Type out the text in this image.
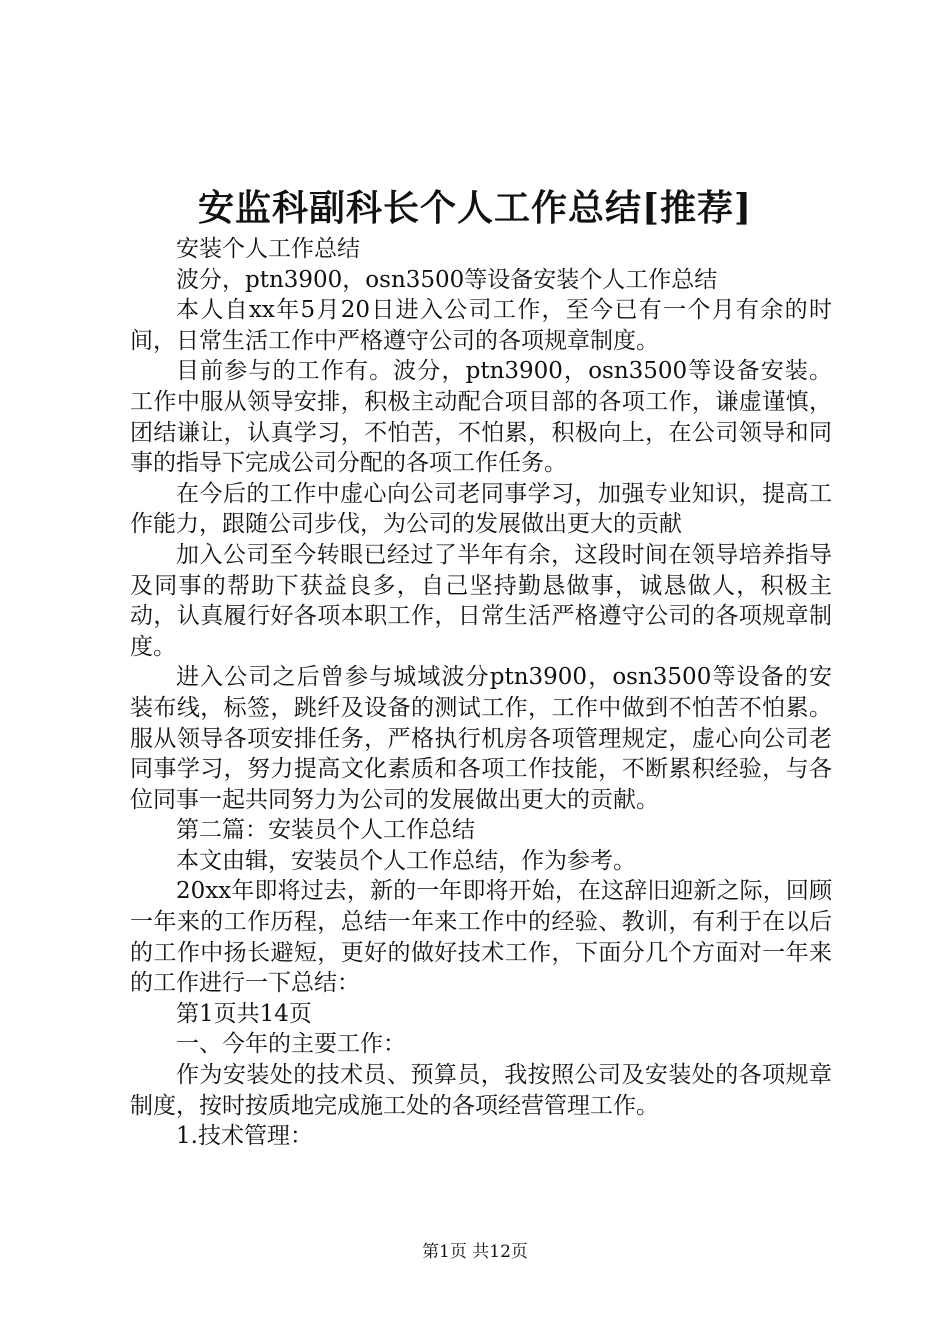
安监科副科长个人工作总结[推荐]

安装个人工作总结

波分，ptn3900，osn3500等设备安装个人工作总结

本人自xx年5月20日进入公司工作，至今已有一个月有余的时间，日常生活工作中严格遵守公司的各项规章制度。

目前参与的工作有。波分，ptn3900，osn3500等设备安装。工作中服从领导安排，积极主动配合项目部的各项工作，谦虚谨慎，团结谦让，认真学习，不怕苦，不怕累，积极向上，在公司领导和同事的指导下完成公司分配的各项工作任务。

在今后的工作中虚心向公司老同事学习，加强专业知识，提高工作能力，跟随公司步伐，为公司的发展做出更大的贡献

加入公司至今转眼已经过了半年有余，这段时间在领导培养指导及同事的帮助下获益良多，自己坚持勤恳做事，诚恳做人，积极主动，认真履行好各项本职工作，日常生活严格遵守公司的各项规章制度。

进入公司之后曾参与城域波分ptn3900，osn3500等设备的安装布线，标签，跳纤及设备的测试工作，工作中做到不怕苦不怕累。服从领导各项安排任务，严格执行机房各项管理规定，虚心向公司老同事学习，努力提高文化素质和各项工作技能，不断累积经验，与各位同事一起共同努力为公司的发展做出更大的贡献。

第二篇：安装员个人工作总结

本文由辑，安装员个人工作总结，作为参考。

20xx年即将过去，新的一年即将开始，在这辞旧迎新之际，回顾一年来的工作历程，总结一年来工作中的经验、教训，有利于在以后的工作中扬长避短，更好的做好技术工作，下面分几个方面对一年来的工作进行一下总结：

第1页共14页

一、今年的主要工作：

作为安装处的技术员、预算员，我按照公司及安装处的各项规章制度，按时按质地完成施工处的各项经营管理工作。

1.技术管理：

第1页 共12页
